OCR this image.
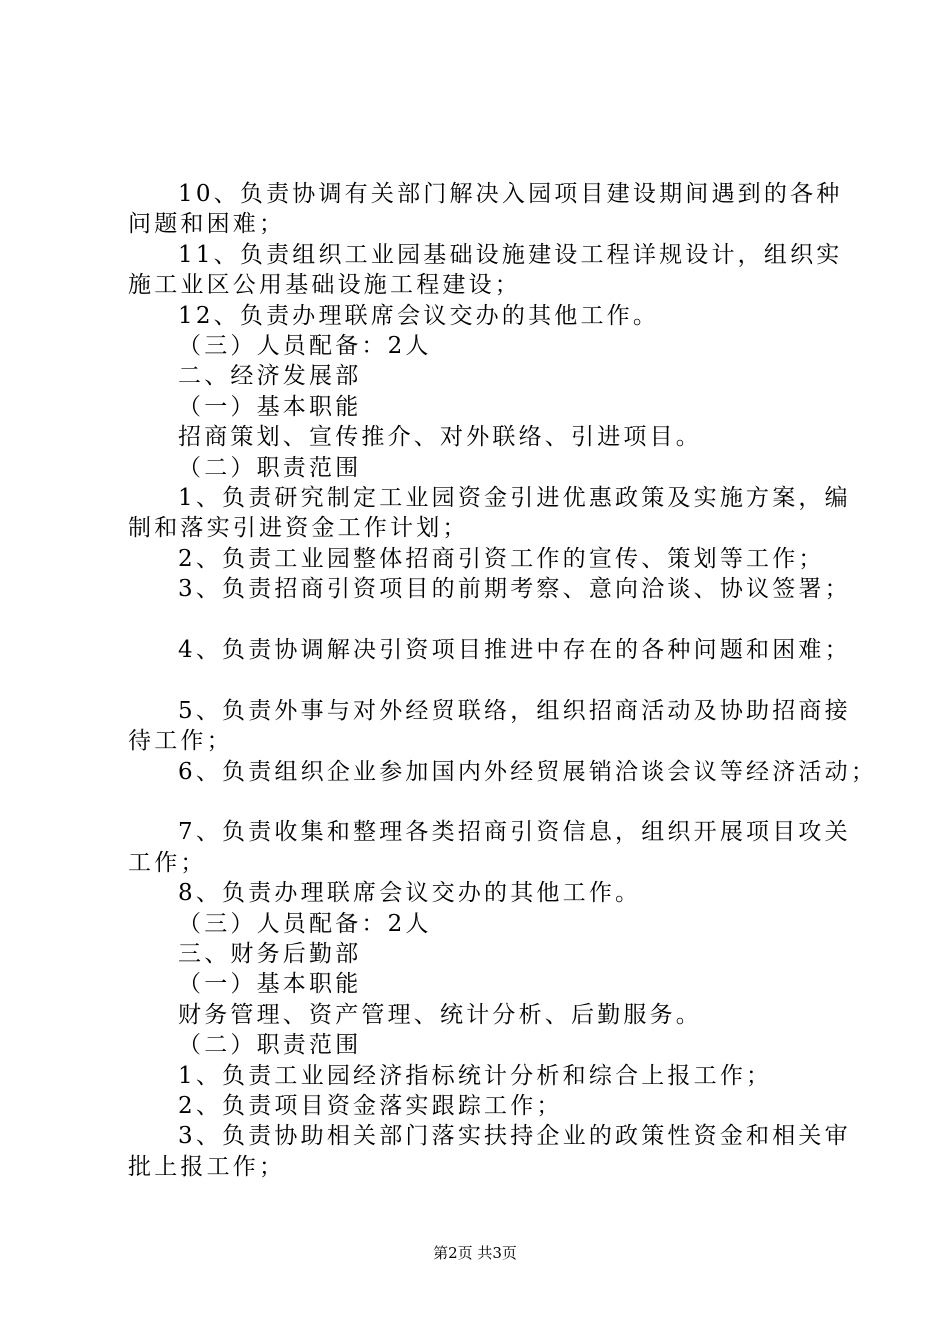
10、负责协调有关部门解决入园项目建设期间遇到的各种
问题和困难；
11、负责组织工业园基础设施建设工程详规设计，组织实
施工业区公用基础设施工程建设；
12、负责办理联席会议交办的其他工作。
（三）人员配备：2人
二、经济发展部
（一）基本职能
招商策划、宣传推介、对外联络、引进项目。
（二）职责范围
1、负责研究制定工业园资金引进优惠政策及实施方案，编
制和落实引进资金工作计划；
2、负责工业园整体招商引资工作的宣传、策划等工作；
3、负责招商引资项目的前期考察、意向洽谈、协议签署；
4、负责协调解决引资项目推进中存在的各种问题和困难；
5、负责外事与对外经贸联络，组织招商活动及协助招商接
待工作；
6、负责组织企业参加国内外经贸展销洽谈会议等经济活动；
7、负责收集和整理各类招商引资信息，组织开展项目攻关
工作；
8、负责办理联席会议交办的其他工作。
（三）人员配备：2人
三、财务后勤部
（一）基本职能
财务管理、资产管理、统计分析、后勤服务。
（二）职责范围
1、负责工业园经济指标统计分析和综合上报工作；
2、负责项目资金落实跟踪工作；
3、负责协助相关部门落实扶持企业的政策性资金和相关审
批上报工作；
第2页 共3页
